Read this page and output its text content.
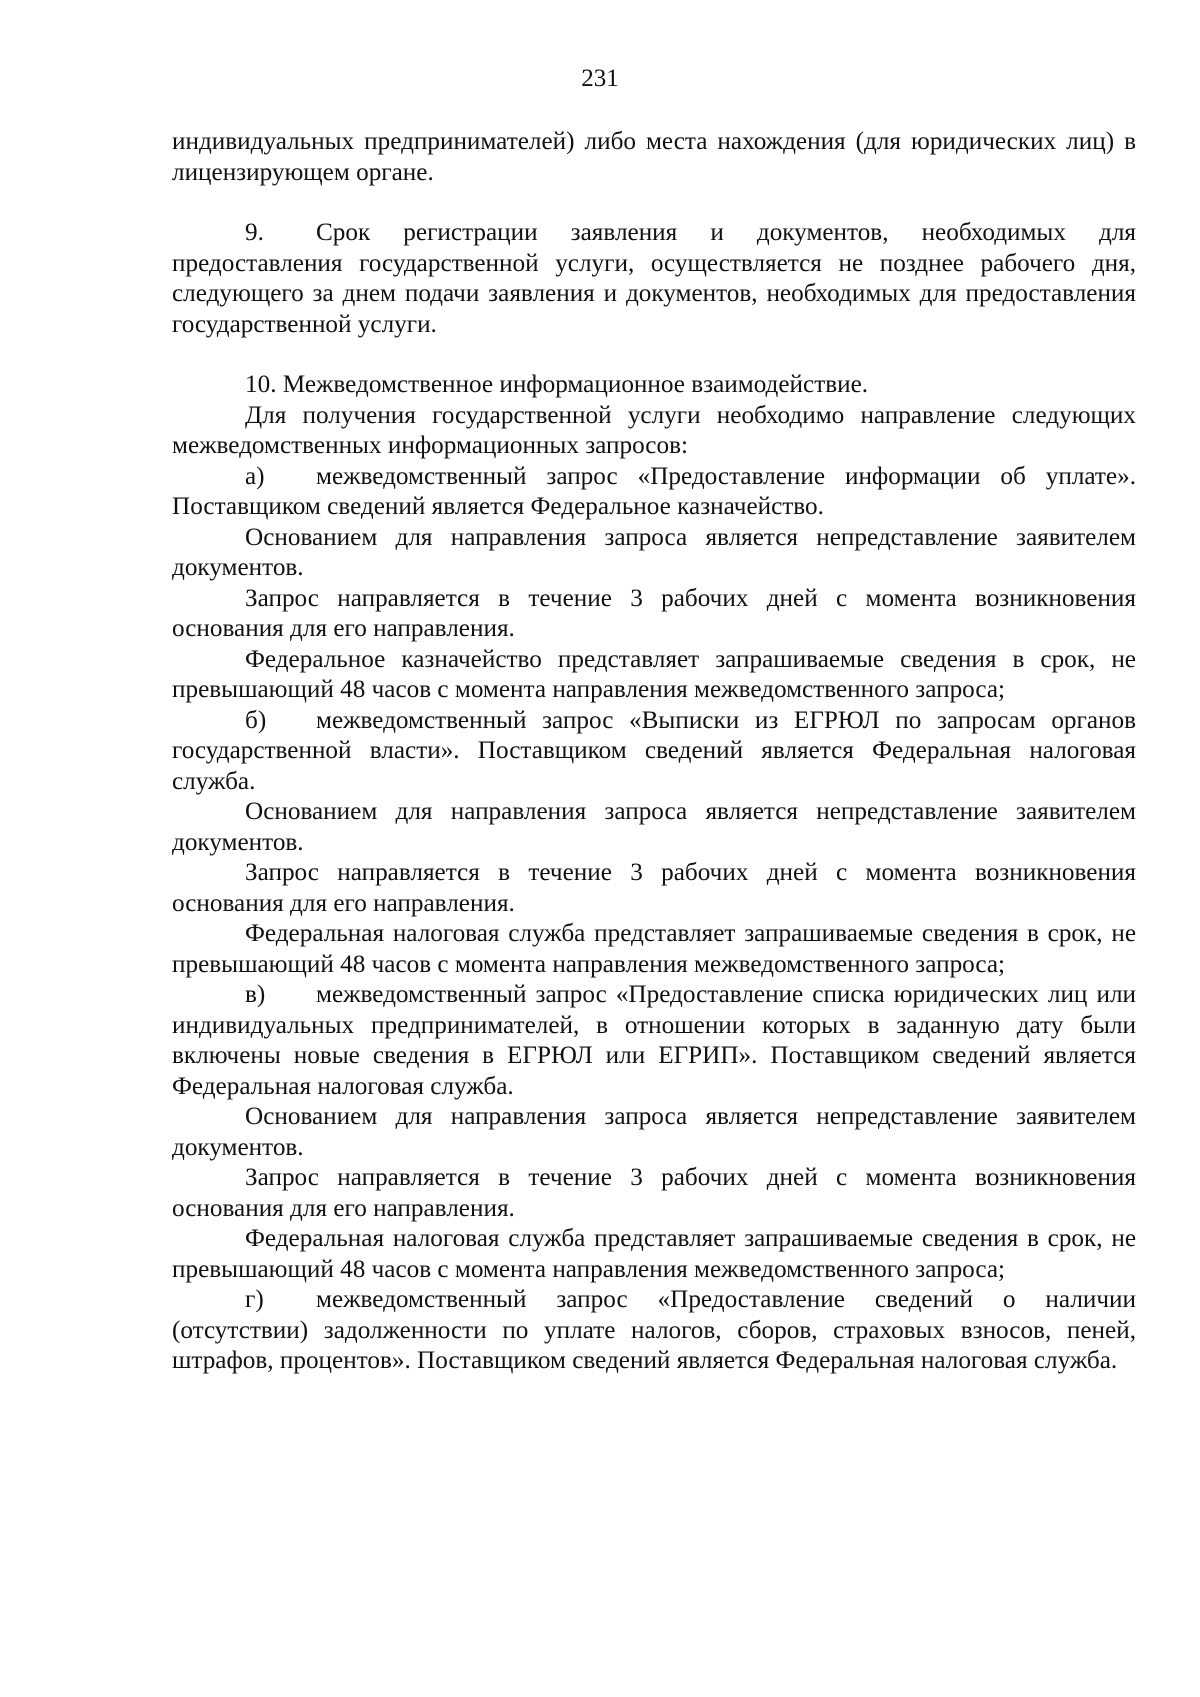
231

индивидуальных предпринимателей) либо места нахождения (для юридических лиц) в лицензирующем органе.

9. Срок регистрации заявления и документов, необходимых для предоставления государственной услуги, осуществляется не позднее рабочего дня, следующего за днем подачи заявления и документов, необходимых для предоставления государственной услуги.

10. Межведомственное информационное взаимодействие.

Для получения государственной услуги необходимо направление следующих межведомственных информационных запросов:

а) межведомственный запрос «Предоставление информации об уплате». Поставщиком сведений является Федеральное казначейство.

Основанием для направления запроса является непредставление заявителем документов.

Запрос направляется в течение 3 рабочих дней с момента возникновения основания для его направления.

Федеральное казначейство представляет запрашиваемые сведения в срок, не превышающий 48 часов с момента направления межведомственного запроса;

б) межведомственный запрос «Выписки из ЕГРЮЛ по запросам органов государственной власти». Поставщиком сведений является Федеральная налоговая служба.

Основанием для направления запроса является непредставление заявителем документов.

Запрос направляется в течение 3 рабочих дней с момента возникновения основания для его направления.

Федеральная налоговая служба представляет запрашиваемые сведения в срок, не превышающий 48 часов с момента направления межведомственного запроса;

в) межведомственный запрос «Предоставление списка юридических лиц или индивидуальных предпринимателей, в отношении которых в заданную дату были включены новые сведения в ЕГРЮЛ или ЕГРИП». Поставщиком сведений является Федеральная налоговая служба.

Основанием для направления запроса является непредставление заявителем документов.

Запрос направляется в течение 3 рабочих дней с момента возникновения основания для его направления.

Федеральная налоговая служба представляет запрашиваемые сведения в срок, не превышающий 48 часов с момента направления межведомственного запроса;

г) межведомственный запрос «Предоставление сведений о наличии (отсутствии) задолженности по уплате налогов, сборов, страховых взносов, пеней, штрафов, процентов». Поставщиком сведений является Федеральная налоговая служба.
